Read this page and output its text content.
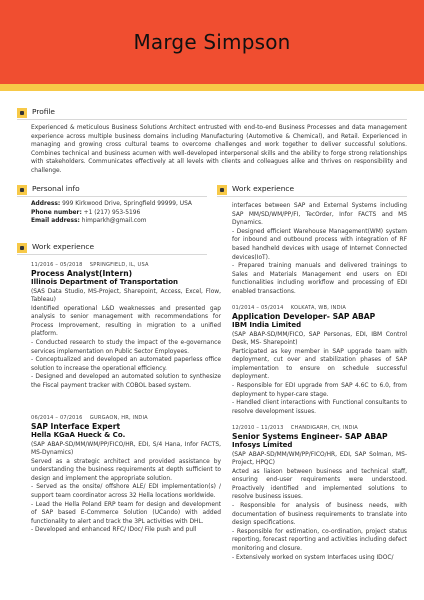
Marge Simpson
Profile
Experienced & meticulous Business Solutions Architect entrusted with end-to-end Business Processes and data management experience across multiple business domains including Manufacturing (Automotive & Chemical), and Retail. Experienced in managing and growing cross cultural teams to overcome challenges and work together to deliver successful solutions. Combines technical and business acumen with well-developed interpersonal skills and the ability to forge strong relationships with stakeholders. Communicates effectively at all levels with clients and colleagues alike and thrives on responsibility and challenge.
Personal info
Address: 999 Kirkwood Drive, Springfield 99999, USA
Phone number: +1 (217) 953-5196
Email address: himparkh@gmail.com
Work experience
11/2016 – 05/2018 SPRINGFIELD, IL, USA
Process Analyst(Intern)
Illinois Department of Transportation

(SAS Data Studio, MS-Project, Sharepoint, Access, Excel, Flow, Tableau)

Identified operational L&D weaknesses and presented gap analysis to senior management with recommendations for Process Improvement, resulting in migration to a unified platform.

- Conducted research to study the impact of the e-governance services implementation on Public Sector Employees.

- Conceptualized and developed an automated paperless office solution to increase the operational efficiency.

- Designed and developed an automated solution to synthesize the Fiscal payment tracker with COBOL based system.

06/2014 – 07/2016 GURGAON, HR, INDIA
SAP Interface Expert
Hella KGaA Hueck & Co.

(SAP ABAP-SD/MM/WM/PP/FICO/HR, EDI, S/4 Hana, Infor FACTS, MS-Dynamics)

Served as a strategic architect and provided assistance by understanding the business requirements at depth sufficient to design and implement the appropriate solution.

- Served as the onsite/ offshore ALE/ EDI implementation(s) / support team coordinator across 32 Hella locations worldwide.

- Lead the Hella Poland ERP team for design and development of SAP based E-Commerce Solution (UCando) with added functionality to alert and track the 3PL activities with DHL.

- Developed and enhanced RFC/ IDoc/ File push and pull

Work experience

interfaces between SAP and External Systems including SAP MM/SD/WM/PP/FI, TecOrder, Infor FACTS and MS Dynamics.

- Designed efficient Warehouse Management(WM) system for inbound and outbound process with integration of RF based handheld devices with usage of Internet Connected devices(IoT).

- Prepared training manuals and delivered trainings to Sales and Materials Management end users on EDI functionalities including workflow and processing of EDI enabled transactions.

01/2014 – 05/2014 KOLKATA, WB, INDIA
Application Developer- SAP ABAP
IBM India Limited

(SAP ABAP-SD/MM/FICO, SAP Personas, EDI, IBM Control Desk, MS- Sharepoint)

Participated as key member in SAP upgrade team with deployment, cut over and stabilization phases of SAP implementation to ensure on schedule successful deployment.

- Responsible for EDI upgrade from SAP 4.6C to 6.0, from deployment to hyper-care stage.

- Handled client interactions with Functional consultants to resolve development issues.

12/2010 – 11/2013 CHANDIGARH, CH, INDIA
Senior Systems Engineer- SAP ABAP
Infosys Limited

(SAP ABAP-SD/MM/WM/PP/FICO/HR, EDI, SAP Solman, MS-Project, HPQC)

Acted as liaison between business and technical staff, ensuring end-user requirements were understood. Proactively identified and implemented solutions to resolve business issues.

- Responsible for analysis of business needs, with documentation of business requirements to translate into design specifications.

- Responsible for estimation, co-ordination, project status reporting, forecast reporting and activities including defect monitoring and closure.

- Extensively worked on system Interfaces using IDOC/
